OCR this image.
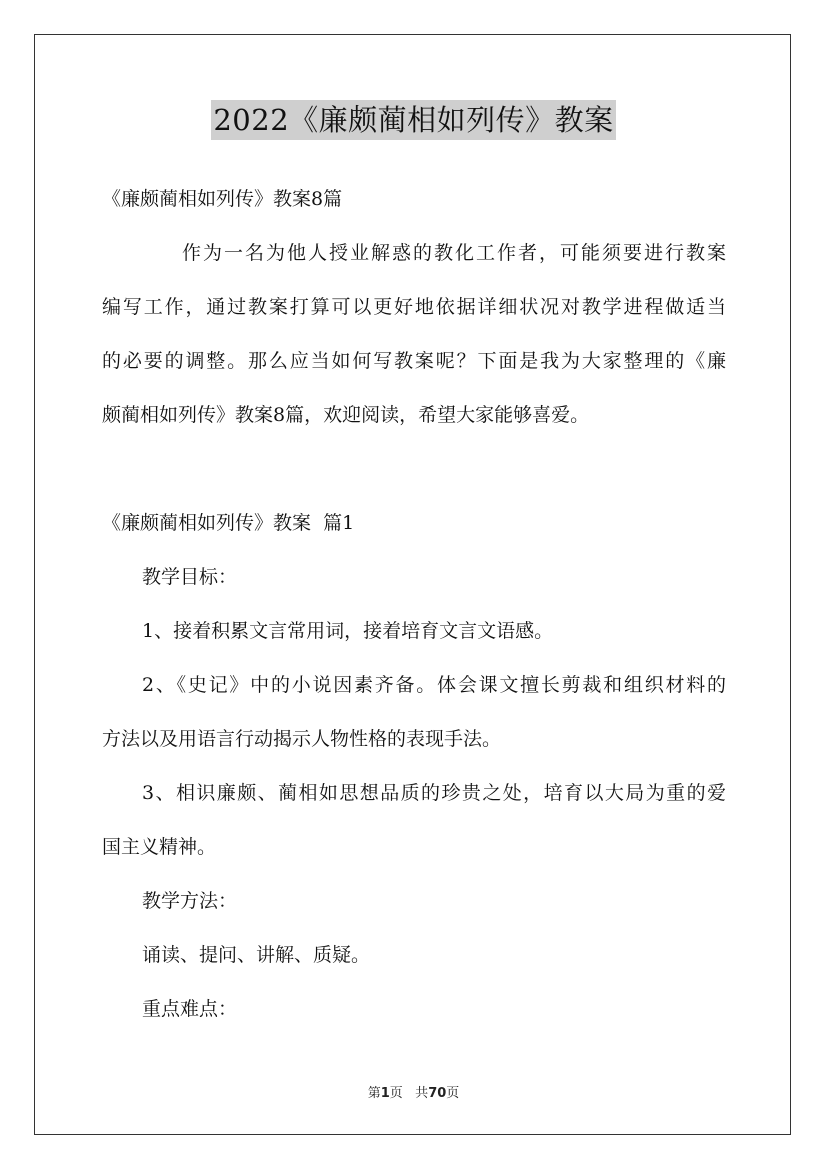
2022《廉颇蔺相如列传》教案
《廉颇蔺相如列传》教案8篇
作为一名为他人授业解惑的教化工作者，可能须要进行教案
编写工作，通过教案打算可以更好地依据详细状况对教学进程做适当
的必要的调整。那么应当如何写教案呢？下面是我为大家整理的《廉
颇蔺相如列传》教案8篇，欢迎阅读，希望大家能够喜爱。
《廉颇蔺相如列传》教案  篇1
教学目标：
1、接着积累文言常用词，接着培育文言文语感。
2、《史记》中的小说因素齐备。体会课文擅长剪裁和组织材料的
方法以及用语言行动揭示人物性格的表现手法。
3、相识廉颇、蔺相如思想品质的珍贵之处，培育以大局为重的爱
国主义精神。
教学方法：
诵读、提问、讲解、质疑。
重点难点：
第1页 共70页
